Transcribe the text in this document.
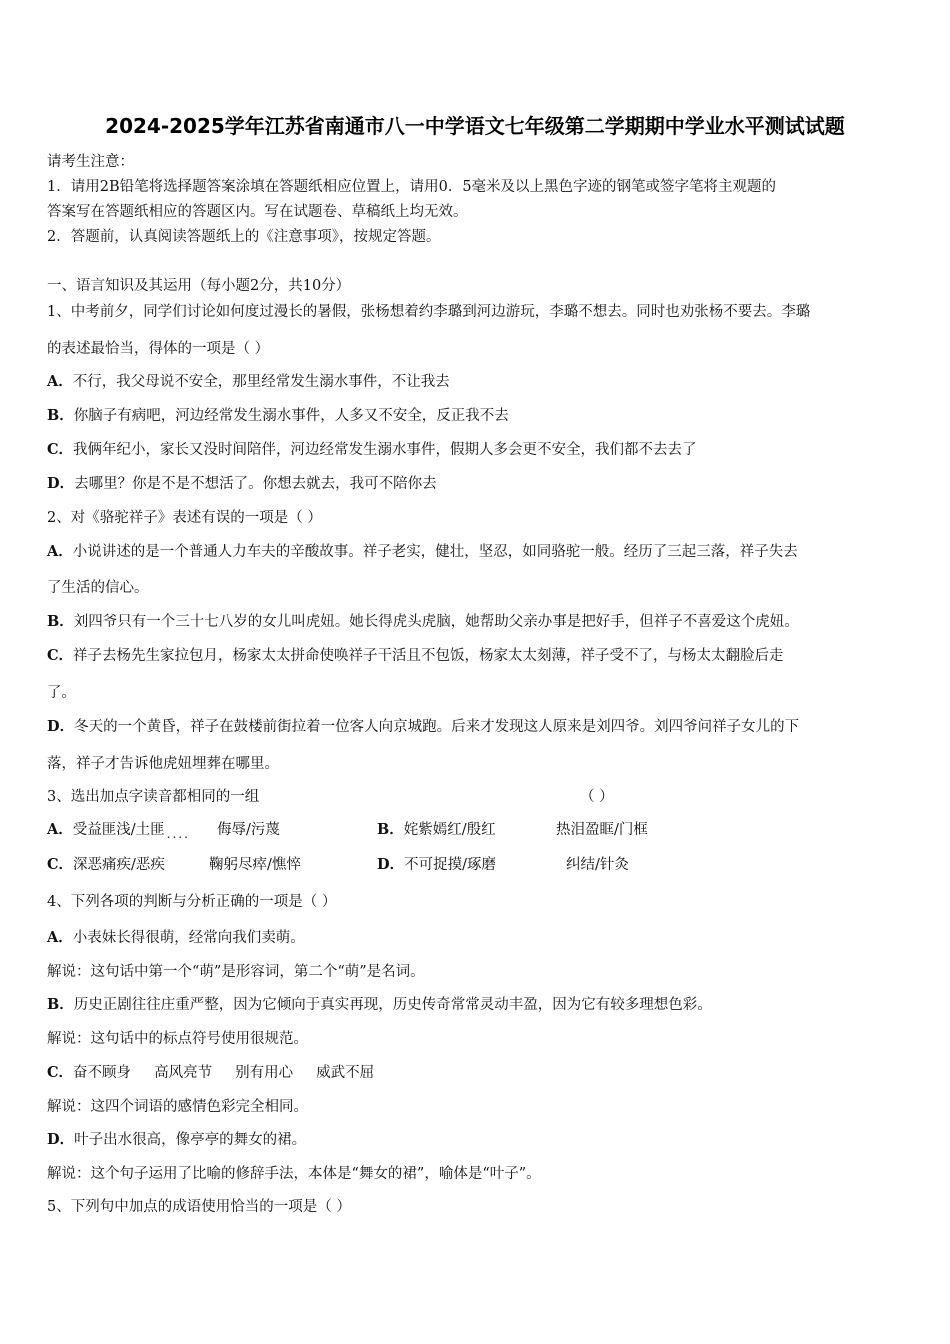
2024-2025学年江苏省南通市八一中学语文七年级第二学期期中学业水平测试试题
请考生注意：
1．请用2B铅笔将选择题答案涂填在答题纸相应位置上，请用0．5毫米及以上黑色字迹的钢笔或签字笔将主观题的
答案写在答题纸相应的答题区内。写在试题卷、草稿纸上均无效。
2．答题前，认真阅读答题纸上的《注意事项》，按规定答题。
一、语言知识及其运用（每小题2分，共10分）
1、中考前夕，同学们讨论如何度过漫长的暑假，张杨想着约李璐到河边游玩，李璐不想去。同时也劝张杨不要去。李璐
的表述最恰当，得体的一项是（ ）
A．不行，我父母说不安全，那里经常发生溺水事件，不让我去
B．你脑子有病吧，河边经常发生溺水事件，人多又不安全，反正我不去
C．我俩年纪小，家长又没时间陪伴，河边经常发生溺水事件，假期人多会更不安全，我们都不去去了
D．去哪里？你是不是不想活了。你想去就去，我可不陪你去
2、对《骆驼祥子》表述有误的一项是（ ）
A．小说讲述的是一个普通人力车夫的辛酸故事。祥子老实，健壮，坚忍，如同骆驼一般。经历了三起三落，祥子失去
了生活的信心。
B．刘四爷只有一个三十七八岁的女儿叫虎妞。她长得虎头虎脑，她帮助父亲办事是把好手，但祥子不喜爱这个虎妞。
C．祥子去杨先生家拉包月，杨家太太拼命使唤祥子干活且不包饭，杨家太太刻薄，祥子受不了，与杨太太翻脸后走
了。
D．冬天的一个黄昏，祥子在鼓楼前街拉着一位客人向京城跑。后来才发现这人原来是刘四爷。刘四爷问祥子女儿的下
落，祥子才告诉他虎妞埋葬在哪里。
3、选出加点字读音都相同的一组	（ ）
A．受益匪浅/土匪 $_{....}$ 侮辱/污蔑	B．姹紫嫣红/殷红	热泪盈眶/门框
C．深恶痛疾/恶疾	鞠躬尽瘁/憔悴	D．不可捉摸/琢磨	纠结/针灸
4、下列各项的判断与分析正确的一项是（ ）
A．小表妹长得很萌，经常向我们卖萌。
解说：这句话中第一个“萌”是形容词，第二个“萌”是名词。
B．历史正剧往往庄重严整，因为它倾向于真实再现，历史传奇常常灵动丰盈，因为它有较多理想色彩。
解说：这句话中的标点符号使用很规范。
C．奋不顾身     高风亮节     别有用心     威武不屈
解说：这四个词语的感情色彩完全相同。
D．叶子出水很高，像亭亭的舞女的裙。
解说：这个句子运用了比喻的修辞手法，本体是“舞女的裙”，喻体是“叶子”。
5、下列句中加点的成语使用恰当的一项是（ ）
